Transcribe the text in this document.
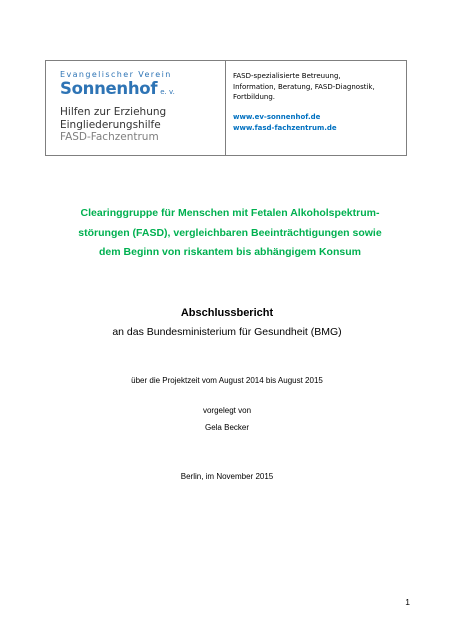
Evangelischer Verein
Sonnenhof e. v.
Hilfen zur Erziehung
Eingliederungshilfe
FASD-Fachzentrum
FASD-spezialisierte Betreuung,
Information, Beratung, FASD-Diagnostik,
Fortbildung.
www.ev-sonnenhof.de
www.fasd-fachzentrum.de
Clearinggruppe für Menschen mit Fetalen Alkoholspektrum-
störungen (FASD), vergleichbaren Beeinträchtigungen sowie
dem Beginn von riskantem bis abhängigem Konsum
Abschlussbericht
an das Bundesministerium für Gesundheit (BMG)
über die Projektzeit vom August 2014 bis August 2015
vorgelegt von
Gela Becker
Berlin, im November 2015
1
